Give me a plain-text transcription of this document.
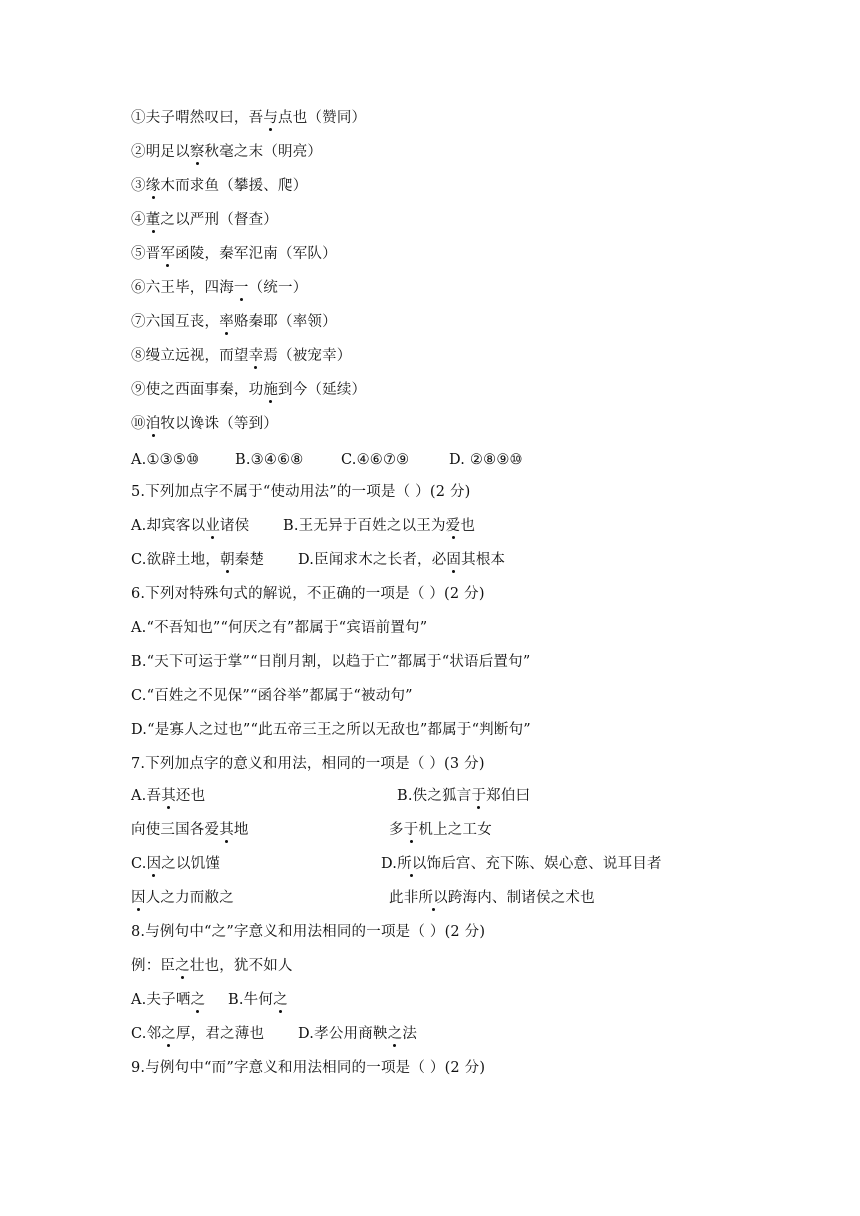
①夫子喟然叹曰，吾与点也（赞同）
②明足以察秋毫之末（明亮）
③缘木而求鱼（攀援、爬）
④董之以严刑（督查）
⑤晋军函陵，秦军氾南（军队）
⑥六王毕，四海一（统一）
⑦六国互丧，率赂秦耶（率领）
⑧缦立远视，而望幸焉（被宠幸）
⑨使之西面事秦，功施到今（延续）
⑩洎牧以谗诛（等到）
A.①③⑤⑩ B.③④⑥⑧	C.④⑥⑦⑨	D. ②⑧⑨⑩
5.下列加点字不属于“使动用法”的一项是（ ）(2 分)
A.却宾客以业诸侯 B.王无异于百姓之以王为爱也
C.欲辟土地，朝秦楚 D.臣闻求木之长者，必固其根本
6.下列对特殊句式的解说，不正确的一项是（ ）(2 分)
A.“不吾知也”“何厌之有”都属于“宾语前置句”
B.“天下可运于掌”“日削月割，以趋于亡”都属于“状语后置句”
C.“百姓之不见保”“函谷举”都属于“被动句”
D.“是寡人之过也”“此五帝三王之所以无敌也”都属于“判断句”
7.下列加点字的意义和用法，相同的一项是（ ）(3 分)
A.吾其还也	B.佚之狐言于郑伯曰
向使三国各爱其地	多于机上之工女
C.因之以饥馑	D.所以饰后宫、充下陈、娱心意、说耳目者
因人之力而敝之	此非所以跨海内、制诸侯之术也
8.与例句中“之”字意义和用法相同的一项是（ ）(2 分)
例：臣之壮也，犹不如人
A.夫子哂之 B.牛何之
C.邻之厚，君之薄也 D.孝公用商鞅之法
9.与例句中“而”字意义和用法相同的一项是（ ）(2 分)
